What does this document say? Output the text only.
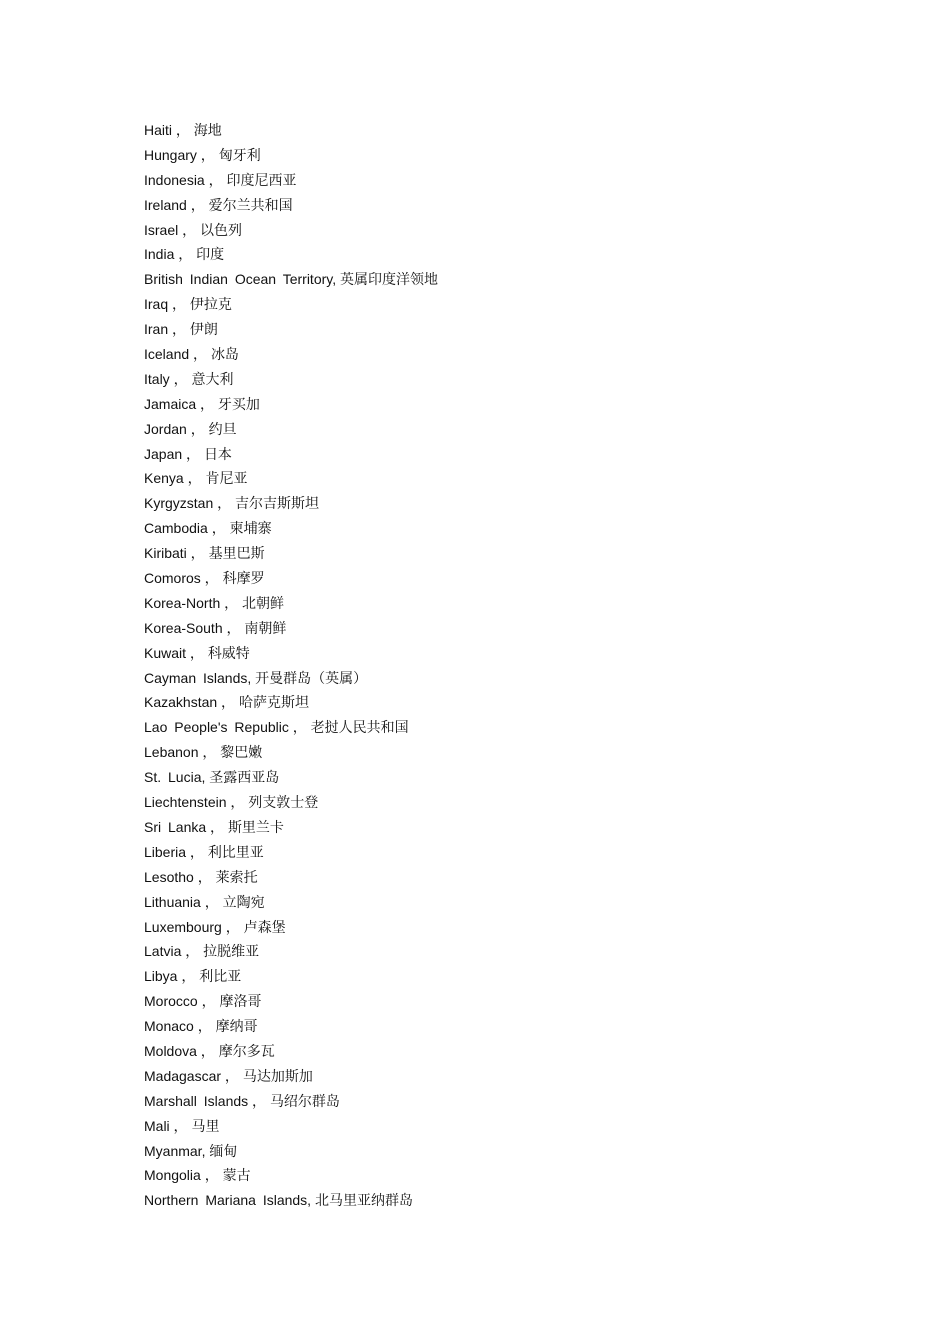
Haiti ， 海地
Hungary ， 匈牙利
Indonesia ， 印度尼西亚
Ireland ， 爱尔兰共和国
Israel ， 以色列
India ， 印度
British Indian Ocean Territory, 英属印度洋领地
Iraq ， 伊拉克
Iran ， 伊朗
Iceland ， 冰岛
Italy ， 意大利
Jamaica ， 牙买加
Jordan ， 约旦
Japan ， 日本
Kenya ， 肯尼亚
Kyrgyzstan ， 吉尔吉斯斯坦
Cambodia ， 柬埔寨
Kiribati ， 基里巴斯
Comoros ， 科摩罗
Korea-North ， 北朝鲜
Korea-South ， 南朝鲜
Kuwait ， 科威特
Cayman Islands, 开曼群岛（英属）
Kazakhstan ， 哈萨克斯坦
Lao People's Republic ， 老挝人民共和国
Lebanon ， 黎巴嫩
St. Lucia, 圣露西亚岛
Liechtenstein ， 列支敦士登
Sri Lanka ， 斯里兰卡
Liberia ， 利比里亚
Lesotho ， 莱索托
Lithuania ， 立陶宛
Luxembourg ， 卢森堡
Latvia ， 拉脱维亚
Libya ， 利比亚
Morocco ， 摩洛哥
Monaco ， 摩纳哥
Moldova ， 摩尔多瓦
Madagascar ， 马达加斯加
Marshall Islands ， 马绍尔群岛
Mali ， 马里
Myanmar, 缅甸
Mongolia ， 蒙古
Northern Mariana Islands, 北马里亚纳群岛
